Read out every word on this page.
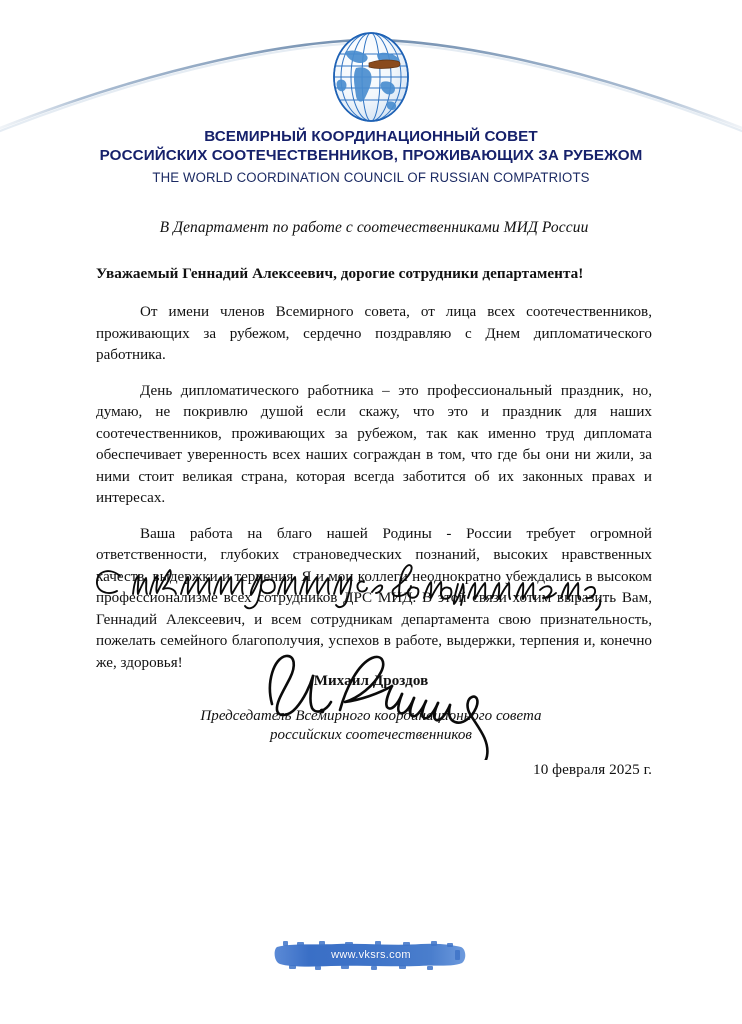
ВСЕМИРНЫЙ КООРДИНАЦИОННЫЙ СОВЕТ
РОССИЙСКИХ СООТЕЧЕСТВЕННИКОВ, ПРОЖИВАЮЩИХ ЗА РУБЕЖОМ
THE WORLD COORDINATION COUNCIL OF RUSSIAN COMPATRIOTS
В Департамент по работе с соотечественниками МИД России
Уважаемый Геннадий Алексеевич, дорогие сотрудники департамента!

От имени членов Всемирного совета, от лица всех соотечественников, проживающих за рубежом, сердечно поздравляю с Днем дипломатического работника.

День дипломатического работника – это профессиональный праздник, но, думаю, не покривлю душой если скажу, что это и праздник для наших соотечественников, проживающих за рубежом, так как именно труд дипломата обеспечивает уверенность всех наших сограждан в том, что где бы они ни жили, за ними стоит великая страна, которая всегда заботится об их законных правах и интересах.

Ваша работа на благо нашей Родины - России требует огромной ответственности, глубоких страноведческих познаний, высоких нравственных качеств, выдержки и терпения. Я и мои коллеги неоднократно убеждались в высоком профессионализме всех сотрудников ДРС МИД. В этой связи хотим выразить Вам, Геннадий Алексеевич, и всем сотрудникам департамента свою признательность, пожелать семейного благополучия, успехов в работе, выдержки, терпения и, конечно же, здоровья!

Михаил Дроздов
Председатель Всемирного координационного совета
российских соотечественников
10 февраля 2025 г.
www.vksrs.com
